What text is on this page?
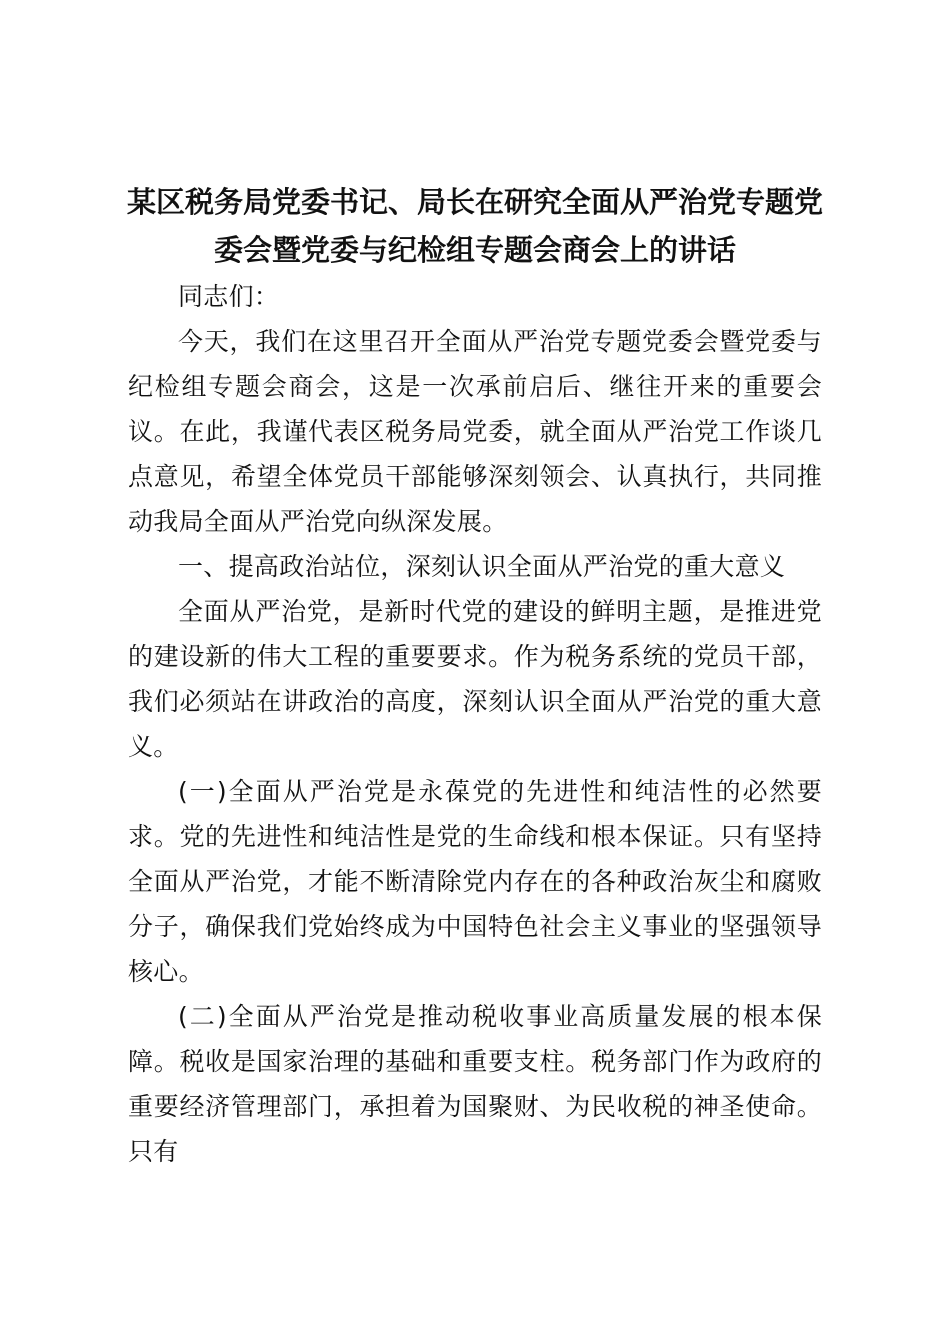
某区税务局党委书记、局长在研究全面从严治党专题党
委会暨党委与纪检组专题会商会上的讲话

同志们：

今天，我们在这里召开全面从严治党专题党委会暨党委与纪检组专题会商会，这是一次承前启后、继往开来的重要会议。在此，我谨代表区税务局党委，就全面从严治党工作谈几点意见，希望全体党员干部能够深刻领会、认真执行，共同推动我局全面从严治党向纵深发展。

一、提高政治站位，深刻认识全面从严治党的重大意义

全面从严治党，是新时代党的建设的鲜明主题，是推进党的建设新的伟大工程的重要要求。作为税务系统的党员干部，我们必须站在讲政治的高度，深刻认识全面从严治党的重大意义。

(一)全面从严治党是永葆党的先进性和纯洁性的必然要求。党的先进性和纯洁性是党的生命线和根本保证。只有坚持全面从严治党，才能不断清除党内存在的各种政治灰尘和腐败分子，确保我们党始终成为中国特色社会主义事业的坚强领导核心。

(二)全面从严治党是推动税收事业高质量发展的根本保障。税收是国家治理的基础和重要支柱。税务部门作为政府的重要经济管理部门，承担着为国聚财、为民收税的神圣使命。只有
